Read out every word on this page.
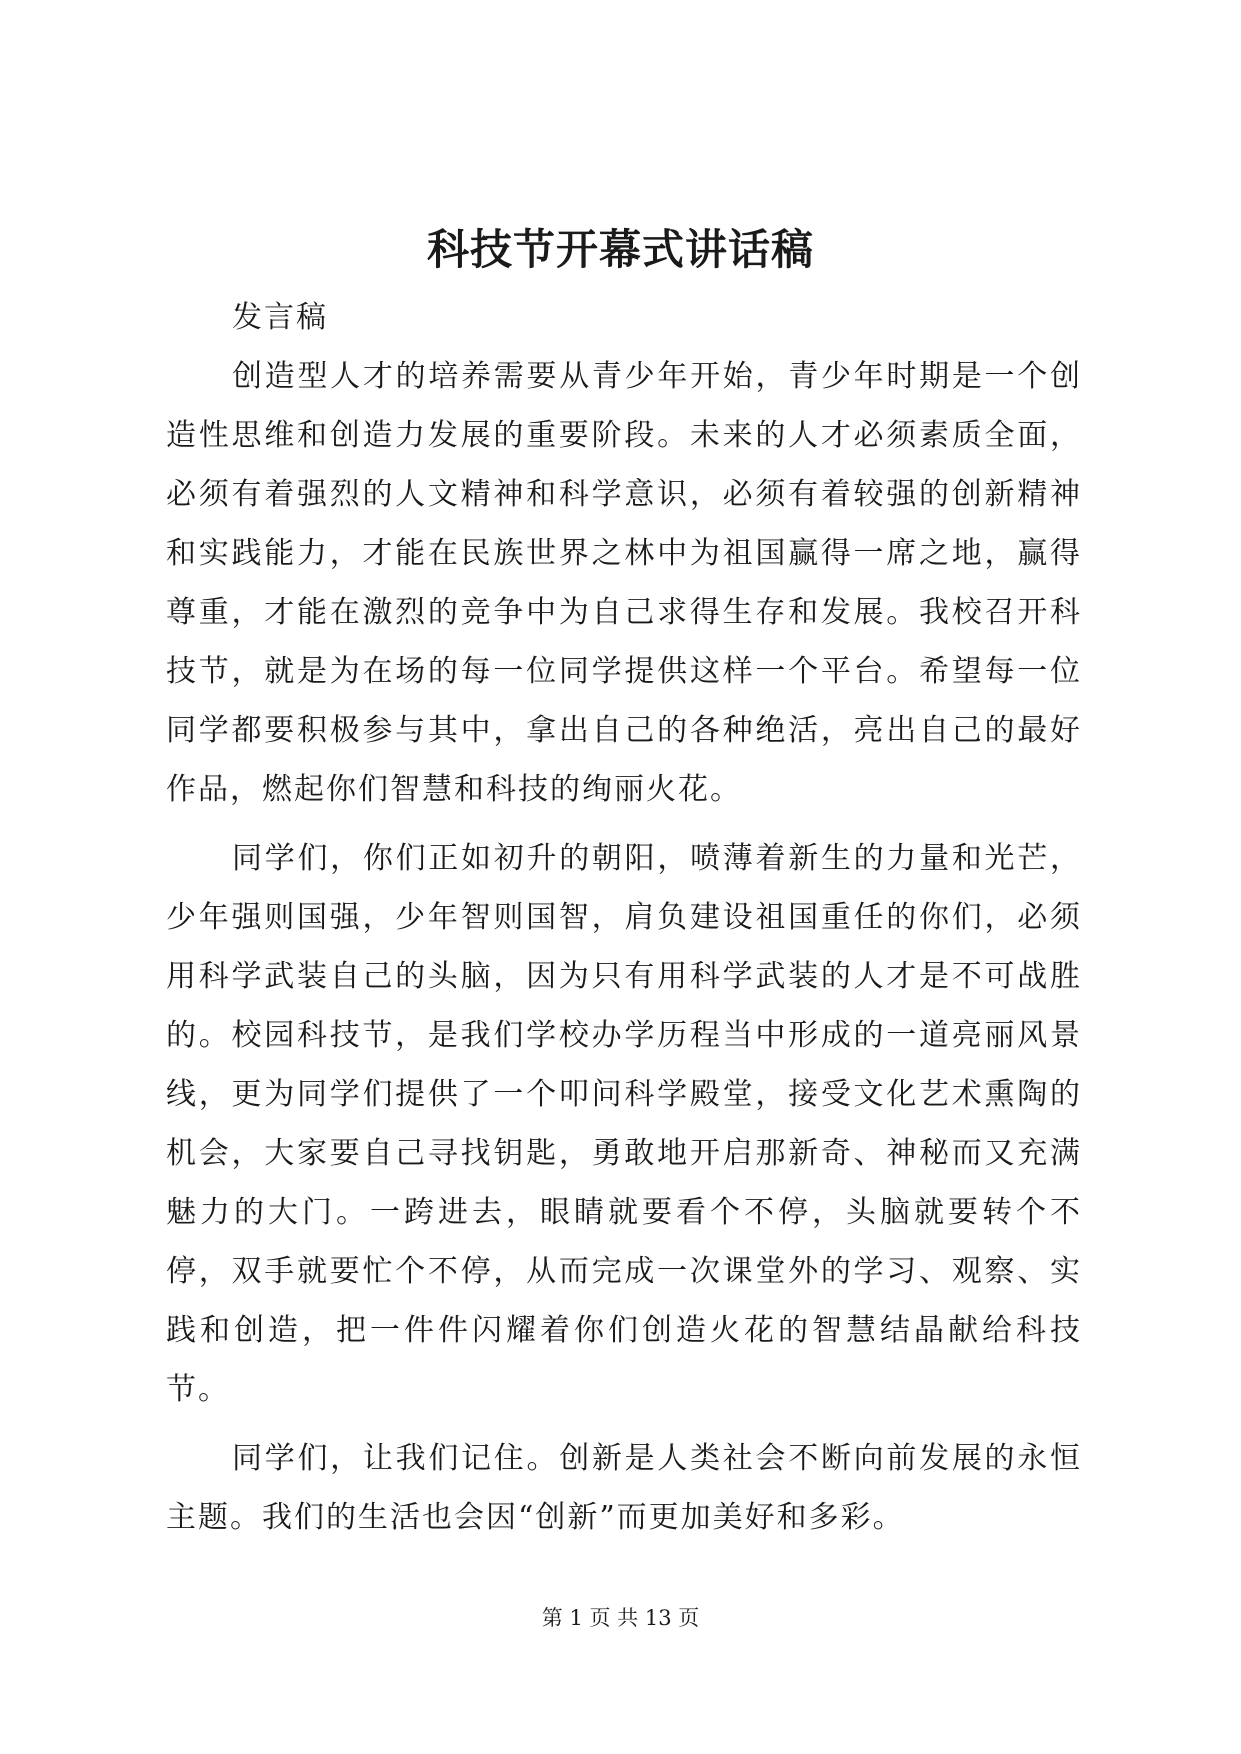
科技节开幕式讲话稿

发言稿

创造型人才的培养需要从青少年开始，青少年时期是一个创造性思维和创造力发展的重要阶段。未来的人才必须素质全面，必须有着强烈的人文精神和科学意识，必须有着较强的创新精神和实践能力，才能在民族世界之林中为祖国赢得一席之地，赢得尊重，才能在激烈的竞争中为自己求得生存和发展。我校召开科技节，就是为在场的每一位同学提供这样一个平台。希望每一位同学都要积极参与其中，拿出自己的各种绝活，亮出自己的最好作品，燃起你们智慧和科技的绚丽火花。

同学们，你们正如初升的朝阳，喷薄着新生的力量和光芒，少年强则国强，少年智则国智，肩负建设祖国重任的你们，必须用科学武装自己的头脑，因为只有用科学武装的人才是不可战胜的。校园科技节，是我们学校办学历程当中形成的一道亮丽风景线，更为同学们提供了一个叩问科学殿堂，接受文化艺术熏陶的机会，大家要自己寻找钥匙，勇敢地开启那新奇、神秘而又充满魅力的大门。一跨进去，眼睛就要看个不停，头脑就要转个不停，双手就要忙个不停，从而完成一次课堂外的学习、观察、实践和创造，把一件件闪耀着你们创造火花的智慧结晶献给科技节。

同学们，让我们记住。创新是人类社会不断向前发展的永恒主题。我们的生活也会因“创新”而更加美好和多彩。

第 1 页 共 13 页
